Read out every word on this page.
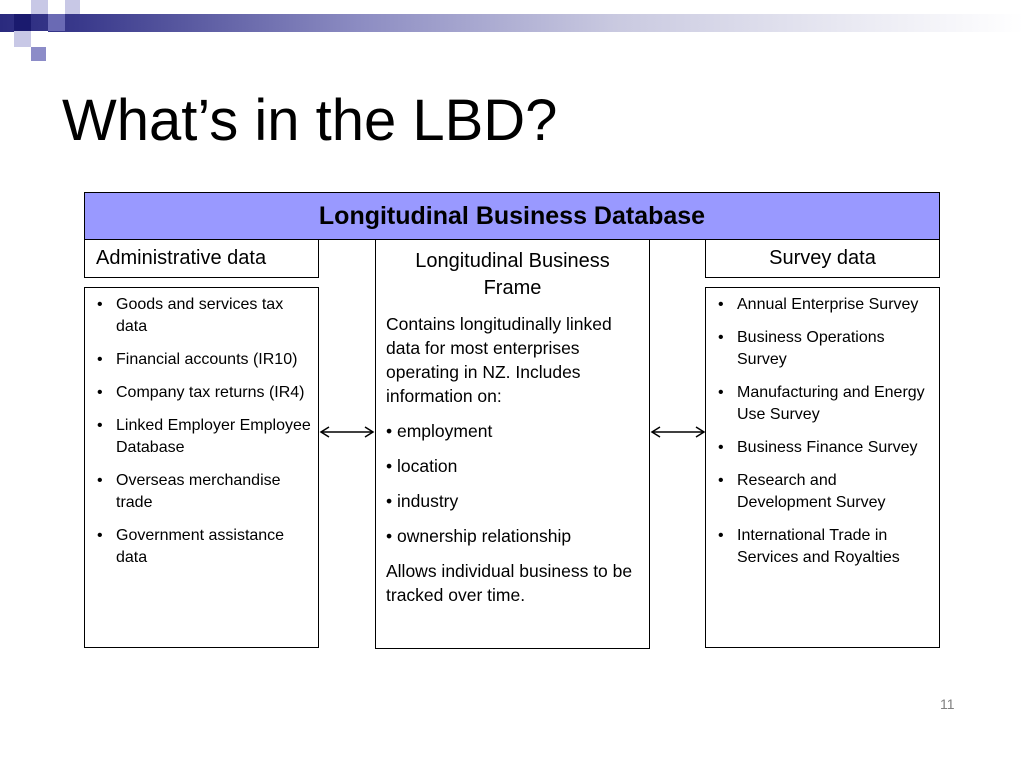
What’s in the LBD?
Longitudinal Business Database
Administrative data	Survey data
Longitudinal Business Frame

Contains longitudinally linked data for most enterprises operating in NZ. Includes information on:

• employment

• location

• industry

• ownership relationship

Allows individual business to be tracked over time.

• Goods and services tax data
• Financial accounts (IR10)
• Company tax returns (IR4)
• Linked Employer Employee Database
• Overseas merchandise trade
• Government assistance data
• Annual Enterprise Survey
• Business Operations Survey
• Manufacturing and Energy Use Survey
• Business Finance Survey
• Research and Development Survey
• International Trade in Services and Royalties
11
